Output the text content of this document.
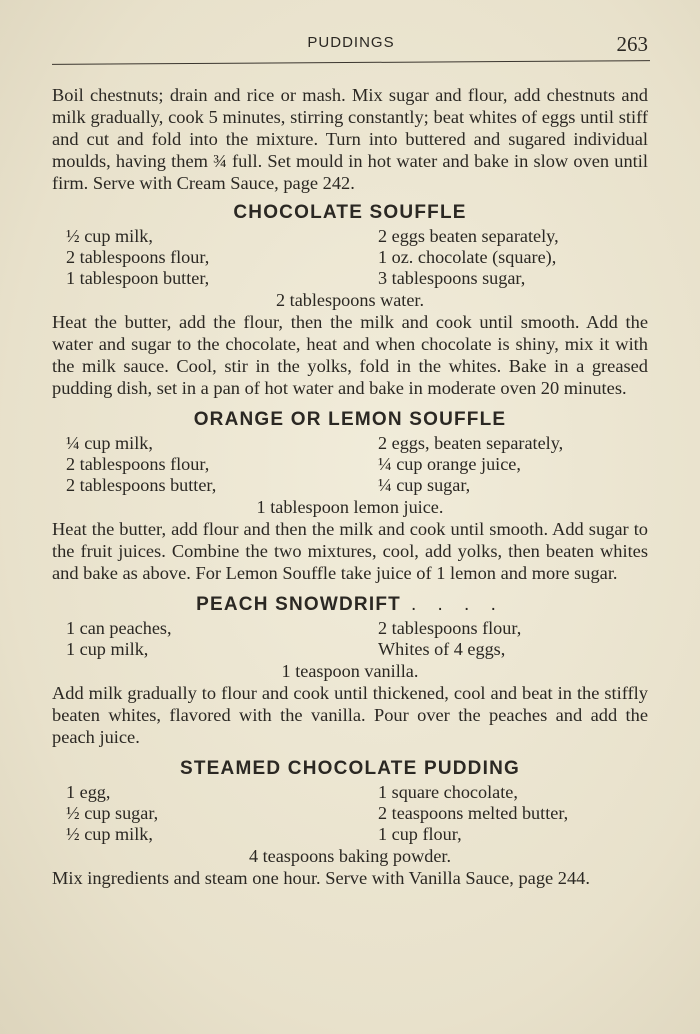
PUDDINGS	263

Boil chestnuts; drain and rice or mash. Mix sugar and flour, add chestnuts and milk gradually, cook 5 minutes, stirring constantly; beat whites of eggs until stiff and cut and fold into the mixture. Turn into buttered and sugared individual moulds, having them ¾ full. Set mould in hot water and bake in slow oven until firm. Serve with Cream Sauce, page 242.

CHOCOLATE SOUFFLE
½ cup milk,	2 eggs beaten separately,
2 tablespoons flour,	1 oz. chocolate (square),
1 tablespoon butter,	3 tablespoons sugar,
2 tablespoons water.

Heat the butter, add the flour, then the milk and cook until smooth. Add the water and sugar to the chocolate, heat and when chocolate is shiny, mix it with the milk sauce. Cool, stir in the yolks, fold in the whites. Bake in a greased pudding dish, set in a pan of hot water and bake in moderate oven 20 minutes.

ORANGE OR LEMON SOUFFLE
¼ cup milk,	2 eggs, beaten separately,
2 tablespoons flour,	¼ cup orange juice,
2 tablespoons butter,	¼ cup sugar,
1 tablespoon lemon juice.

Heat the butter, add flour and then the milk and cook until smooth. Add sugar to the fruit juices. Combine the two mixtures, cool, add yolks, then beaten whites and bake as above. For Lemon Souffle take juice of 1 lemon and more sugar.

PEACH SNOWDRIFT . . . .
1 can peaches,	2 tablespoons flour,
1 cup milk,	Whites of 4 eggs,
1 teaspoon vanilla.

Add milk gradually to flour and cook until thickened, cool and beat in the stiffly beaten whites, flavored with the vanilla. Pour over the peaches and add the peach juice.

STEAMED CHOCOLATE PUDDING
1 egg,	1 square chocolate,
½ cup sugar,	2 teaspoons melted butter,
½ cup milk,	1 cup flour,
4 teaspoons baking powder.

Mix ingredients and steam one hour. Serve with Vanilla Sauce, page 244.
